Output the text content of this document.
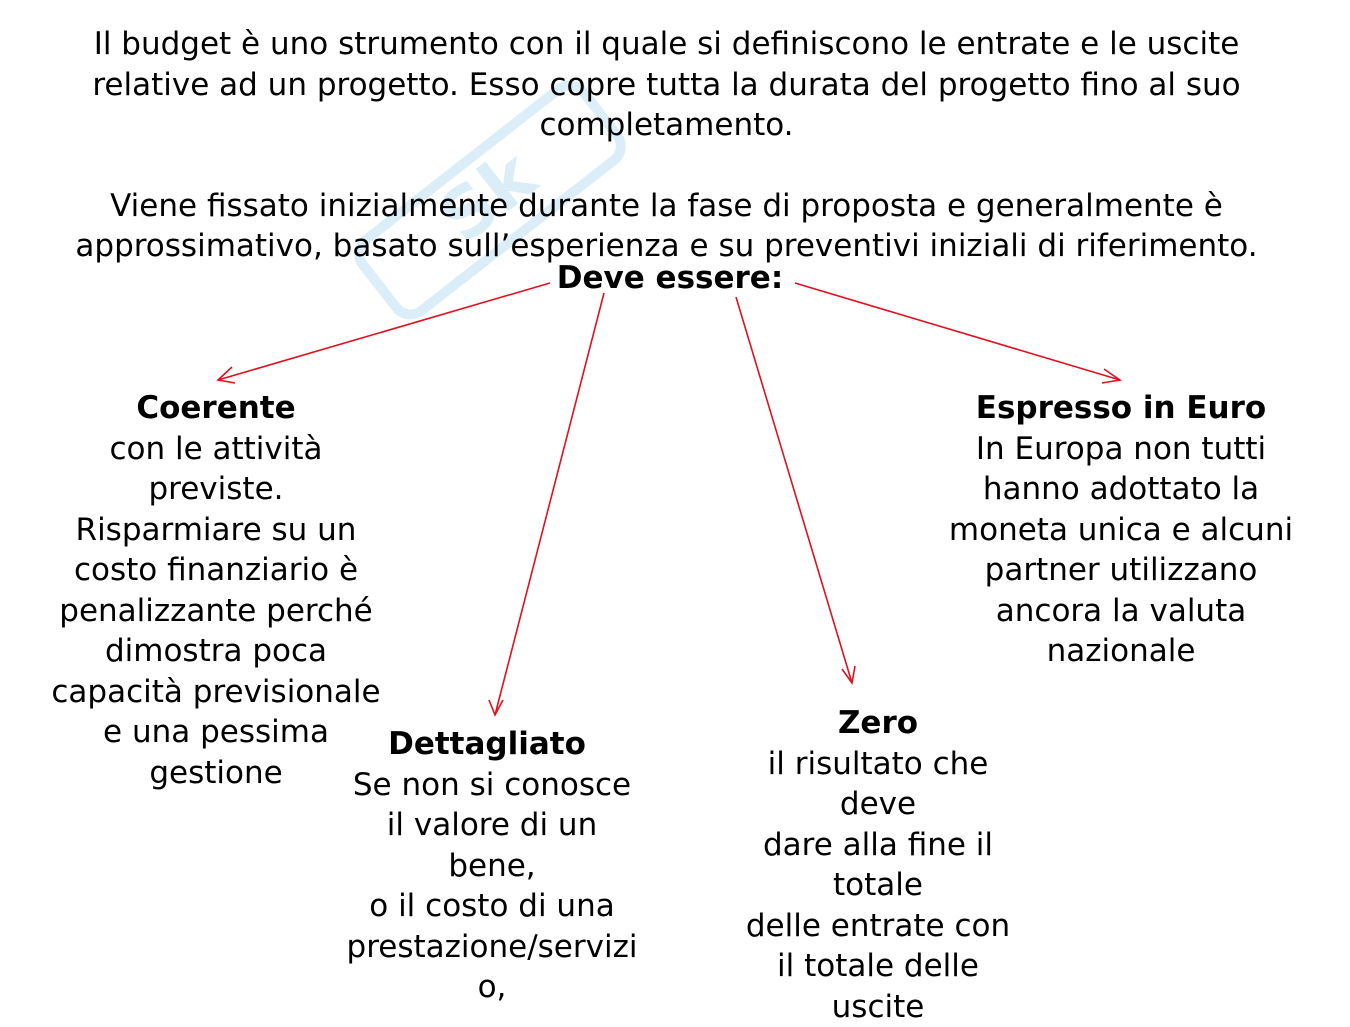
Sk

Il budget è uno strumento con il quale si definiscono le entrate e le uscite
relative ad un progetto. Esso copre tutta la durata del progetto fino al suo
completamento.

Viene fissato inizialmente durante la fase di proposta e generalmente è
approssimativo, basato sull’esperienza e su preventivi iniziali di riferimento.

Deve essere:
Coerente
con le attività
previste.
Risparmiare su un
costo finanziario è
penalizzante perché
dimostra poca
capacità previsionale
e una pessima
gestione
Espresso in Euro
In Europa non tutti
hanno adottato la
moneta unica e alcuni
partner utilizzano
ancora la valuta
nazionale
Dettagliato
Se non si conosce
il valore di un
bene,
o il costo di una
prestazione/servizi
o,
Zero
il risultato che
deve
dare alla fine il
totale
delle entrate con
il totale delle
uscite
